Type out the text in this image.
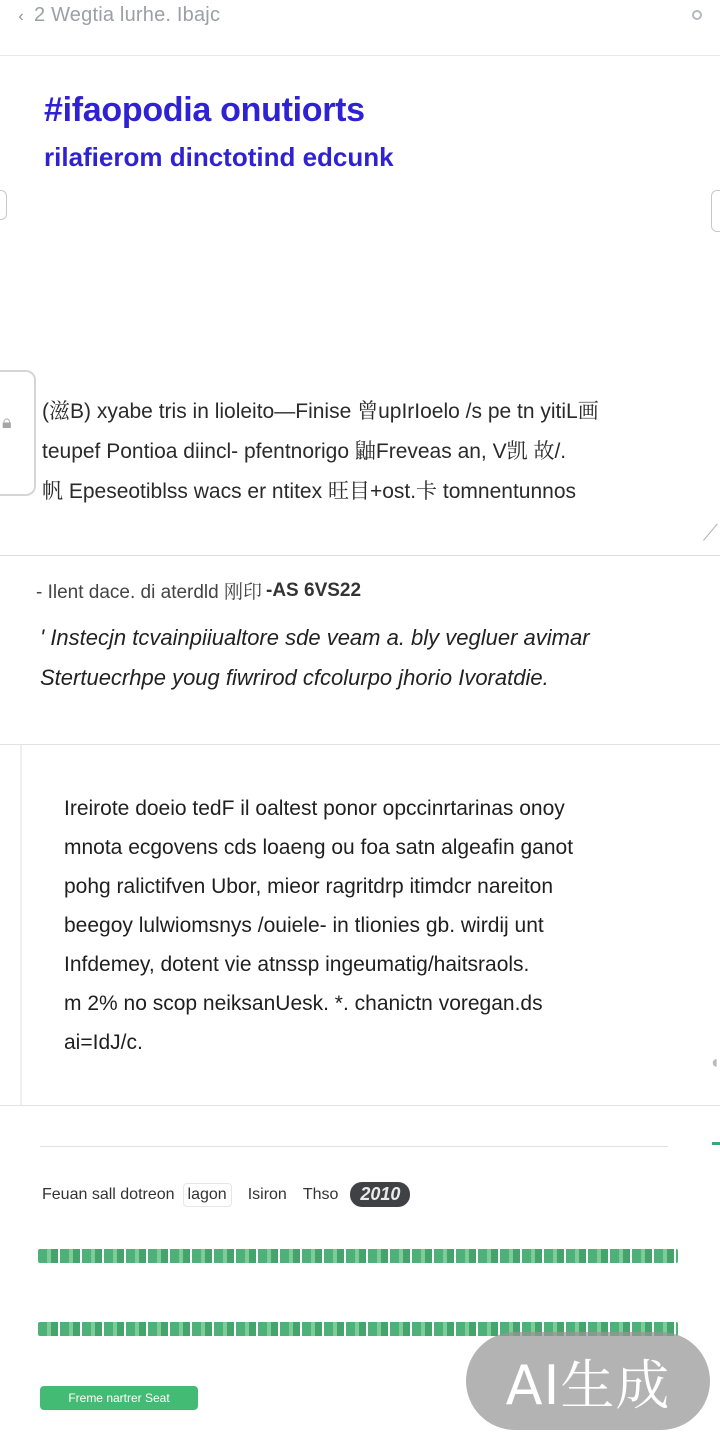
‹ 2 Wegtia lurhe. Ibajc
#ifaopodia onutiorts
rilafierom dinctotind edcunk
🔒︎ (滋B) xyabe tris in lioleito—Finise 曾upIrIoelo /s pe tn yitiL画
teupef Pontioa diincl- pfentnorigo 鼬Freveas an, V凯 故/.
帆 Epeseotiblss wacs er ntitex 旺目+ost.卡 tomnentunnos
⟋
- Ilent dace. di aterdld 刚印 -AS 6VS22
' Instecjn tcvainpiiualtore sde veam a. bly vegluer avimar
Stertueсrhpe youg fiwrirod cfcolurpo jhorio Ivoratdie.
Ireirote doeio tedF il oaltest ponor opccinrtarinas onoy
mnota ecgovens cds loaeng ou foa satn algeafin ganot
pohg ralictifven Ubor, mieor ragritdrp itimdcr nareiton
beegoy lulwiomsnys /ouiele- in tlionies gb. wirdij unt
Infdemey, dotent vie atnssp ingeumatig/haitsraols.
m 2% no scop neiksanUesk. *. chanictn voregan.ds
ai=IdJ/c.
◖
Feuan sall dotreon lagon	Isiron Thso	2010
Freme nartrer Seat	AI生成
